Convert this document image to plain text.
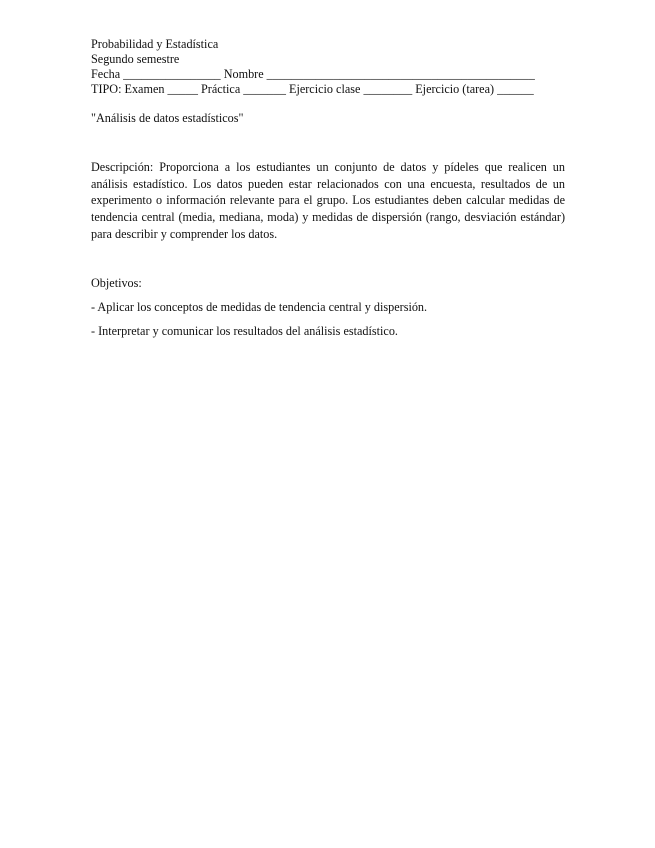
Probabilidad y Estadística
Segundo semestre
Fecha ________________ Nombre ____________________________________________
TIPO: Examen _____ Práctica _______ Ejercicio clase ________ Ejercicio (tarea) ______
"Análisis de datos estadísticos"
Descripción: Proporciona a los estudiantes un conjunto de datos y pídeles que realicen un análisis estadístico. Los datos pueden estar relacionados con una encuesta, resultados de un experimento o información relevante para el grupo. Los estudiantes deben calcular medidas de tendencia central (media, mediana, moda) y medidas de dispersión (rango, desviación estándar) para describir y comprender los datos.
Objetivos:
- Aplicar los conceptos de medidas de tendencia central y dispersión.
- Interpretar y comunicar los resultados del análisis estadístico.
